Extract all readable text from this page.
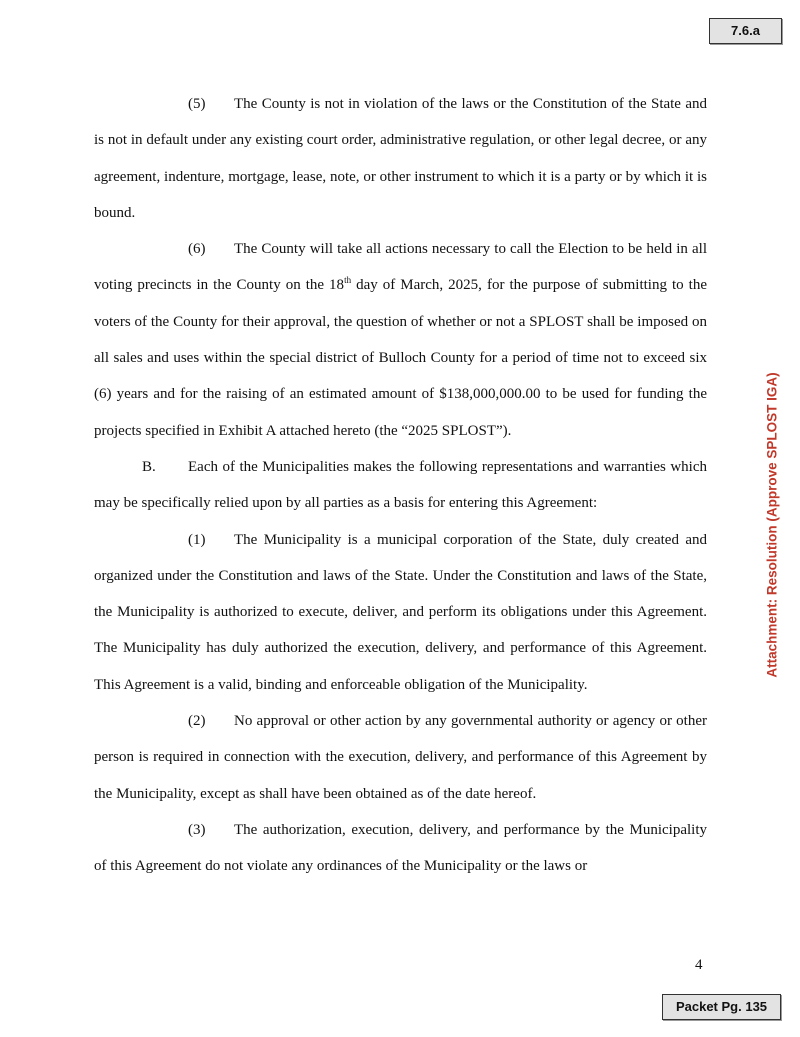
7.6.a
Attachment: Resolution (Approve SPLOST IGA)

(5) The County is not in violation of the laws or the Constitution of the State and is not in default under any existing court order, administrative regulation, or other legal decree, or any agreement, indenture, mortgage, lease, note, or other instrument to which it is a party or by which it is bound.

(6) The County will take all actions necessary to call the Election to be held in all voting precincts in the County on the 18th day of March, 2025, for the purpose of submitting to the voters of the County for their approval, the question of whether or not a SPLOST shall be imposed on all sales and uses within the special district of Bulloch County for a period of time not to exceed six (6) years and for the raising of an estimated amount of $138,000,000.00 to be used for funding the projects specified in Exhibit A attached hereto (the “2025 SPLOST”).

B. Each of the Municipalities makes the following representations and warranties which may be specifically relied upon by all parties as a basis for entering this Agreement:

(1) The Municipality is a municipal corporation of the State, duly created and organized under the Constitution and laws of the State. Under the Constitution and laws of the State, the Municipality is authorized to execute, deliver, and perform its obligations under this Agreement. The Municipality has duly authorized the execution, delivery, and performance of this Agreement. This Agreement is a valid, binding and enforceable obligation of the Municipality.

(2) No approval or other action by any governmental authority or agency or other person is required in connection with the execution, delivery, and performance of this Agreement by the Municipality, except as shall have been obtained as of the date hereof.

(3) The authorization, execution, delivery, and performance by the Municipality of this Agreement do not violate any ordinances of the Municipality or the laws or

4
Packet Pg. 135
